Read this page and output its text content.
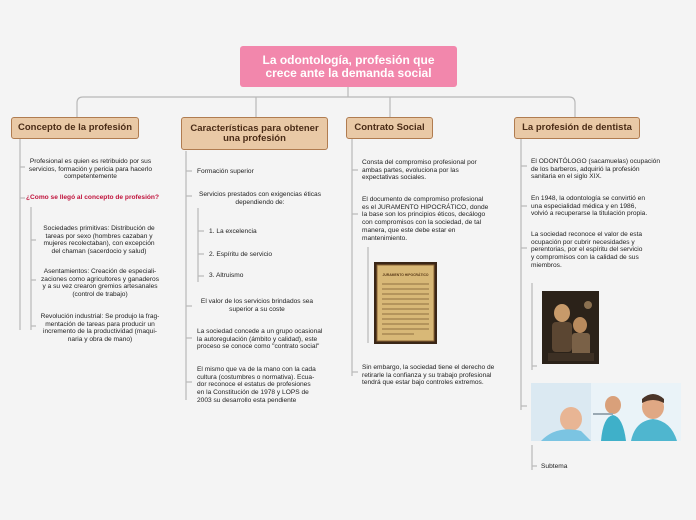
La odontología, profesión que
crece ante la demanda social
Concepto de la profesión	Características para obtener
una profesión
Contrato Social	La profesión de dentista
Profesional es quien es retribuido por sus
servicios, formación y pericia para hacerlo
competentemente
¿Como se llegó al concepto de profesión?
Sociedades primitivas: Distribución de
tareas por sexo (hombres cazaban y
mujeres recolectaban), con excepción
del chaman (sacerdocio y salud)
Asentamientos: Creación de especiali-
zaciones como agricultores y ganaderos
y a su vez crearon gremios artesanales
(control de trabajo)
Revolución industrial: Se produjo la frag-
mentación de tareas para producir un
incremento de la productividad (maqui-
naria y obra de mano)
Formación superior
Servicios prestados con exigencias éticas
dependiendo de:
1. La excelencia
2. Espíritu de servicio
3. Altruismo
El valor de los servicios brindados sea
superior a su coste
La sociedad concede a un grupo ocasional
la autoregulación (ámbito y calidad), este
proceso se conoce como "contrato social"
El mismo que va de la mano con la cada
cultura (costumbres o normativa). Ecua-
dor reconoce el estatus de profesiones
en la Constitución de 1978 y LOPS de
2003 su desarrollo esta pendiente
Consta del compromiso profesional por
ambas partes, evoluciona por las
expectativas sociales.
El documento de compromiso profesional
es el JURAMENTO HIPOCRÁTICO, donde
la base son los principios éticos, decálogo
con compromisos con la sociedad, de tal
manera, que este debe estar en
mantenimiento.
JURAMENTO HIPOCRÁTICO
Sin embargo, la sociedad tiene el derecho de
retirarle la confianza y su trabajo profesional
tendrá que estar bajo controles extremos.
El ODONTÓLOGO (sacamuelas) ocupación
de los barberos, adquirió la profesión
sanitaria en el siglo XIX.
En 1948, la odontología se convirtió en
una especialidad médica y en 1986,
volvió a recuperarse la titulación propia.
La sociedad reconoce el valor de esta
ocupación por cubrir necesidades y
perentorias, por el espíritu del servicio
y compromisos con la calidad de sus
miembros.
Subtema
